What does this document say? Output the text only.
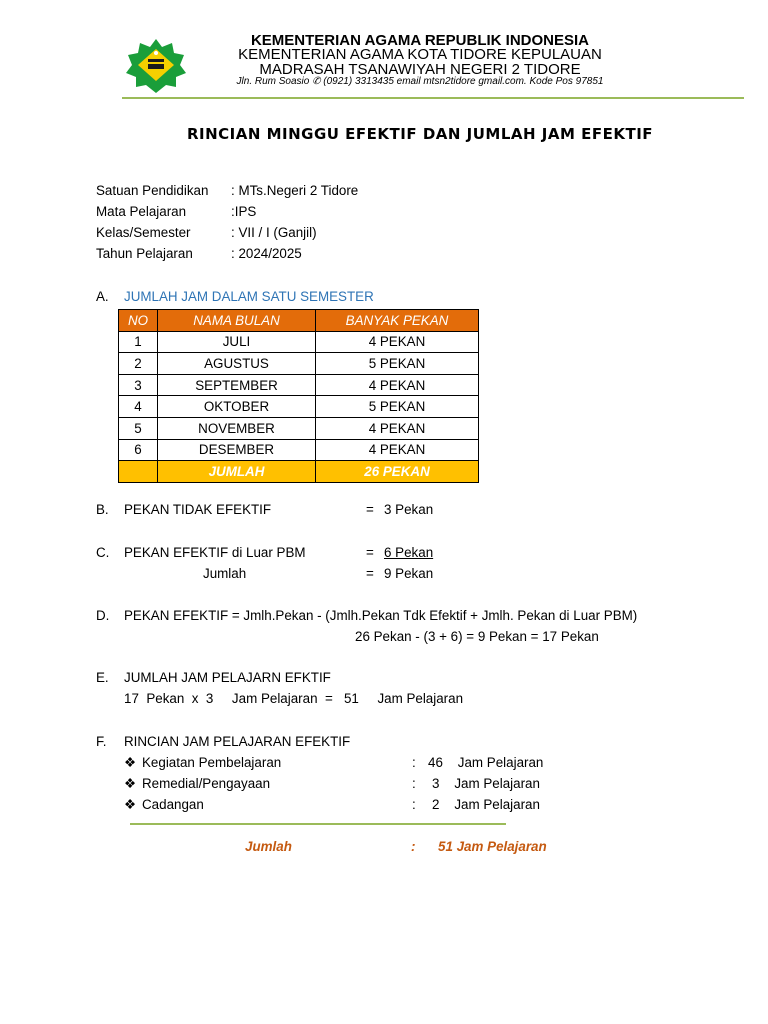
KEMENTERIAN AGAMA REPUBLIK INDONESIA
KEMENTERIAN AGAMA KOTA TIDORE KEPULAUAN
MADRASAH TSANAWIYAH NEGERI 2 TIDORE
Jln. Rum Soasio ✆ (0921) 3313435 email mtsn2tidore gmail.com. Kode Pos 97851
RINCIAN MINGGU EFEKTIF DAN JUMLAH JAM EFEKTIF
Satuan Pendidikan : MTs.Negeri 2 Tidore
Mata Pelajaran	:IPS
Kelas/Semester	: VII / I (Ganjil)
Tahun Pelajaran	: 2024/2025
A. JUMLAH JAM DALAM SATU SEMESTER
NO	NAMA BULAN	BANYAK PEKAN
1	JULI	4 PEKAN
2	AGUSTUS	5 PEKAN
3	SEPTEMBER	4 PEKAN
4	OKTOBER	5 PEKAN
5	NOVEMBER	4 PEKAN
6	DESEMBER	4 PEKAN
	JUMLAH	26 PEKAN
B. PEKAN TIDAK EFEKTIF	= 3 Pekan
C. PEKAN EFEKTIF di Luar PBM	= 6 Pekan
Jumlah	= 9 Pekan
D. PEKAN EFEKTIF = Jmlh.Pekan - (Jmlh.Pekan Tdk Efektif + Jmlh. Pekan di Luar PBM)
26 Pekan - (3 + 6) = 9 Pekan = 17 Pekan
E. JUMLAH JAM PELAJARN EFKTIF
17  Pekan  x  3     Jam Pelajaran  =   51     Jam Pelajaran
F. RINCIAN JAM PELAJARAN EFEKTIF
❖ Kegiatan Pembelajaran	: 46    Jam Pelajaran
❖ Remedial/Pengayaan	: 3    Jam Pelajaran
❖ Cadangan	: 2    Jam Pelajaran
Jumlah	: 51 Jam Pelajaran
